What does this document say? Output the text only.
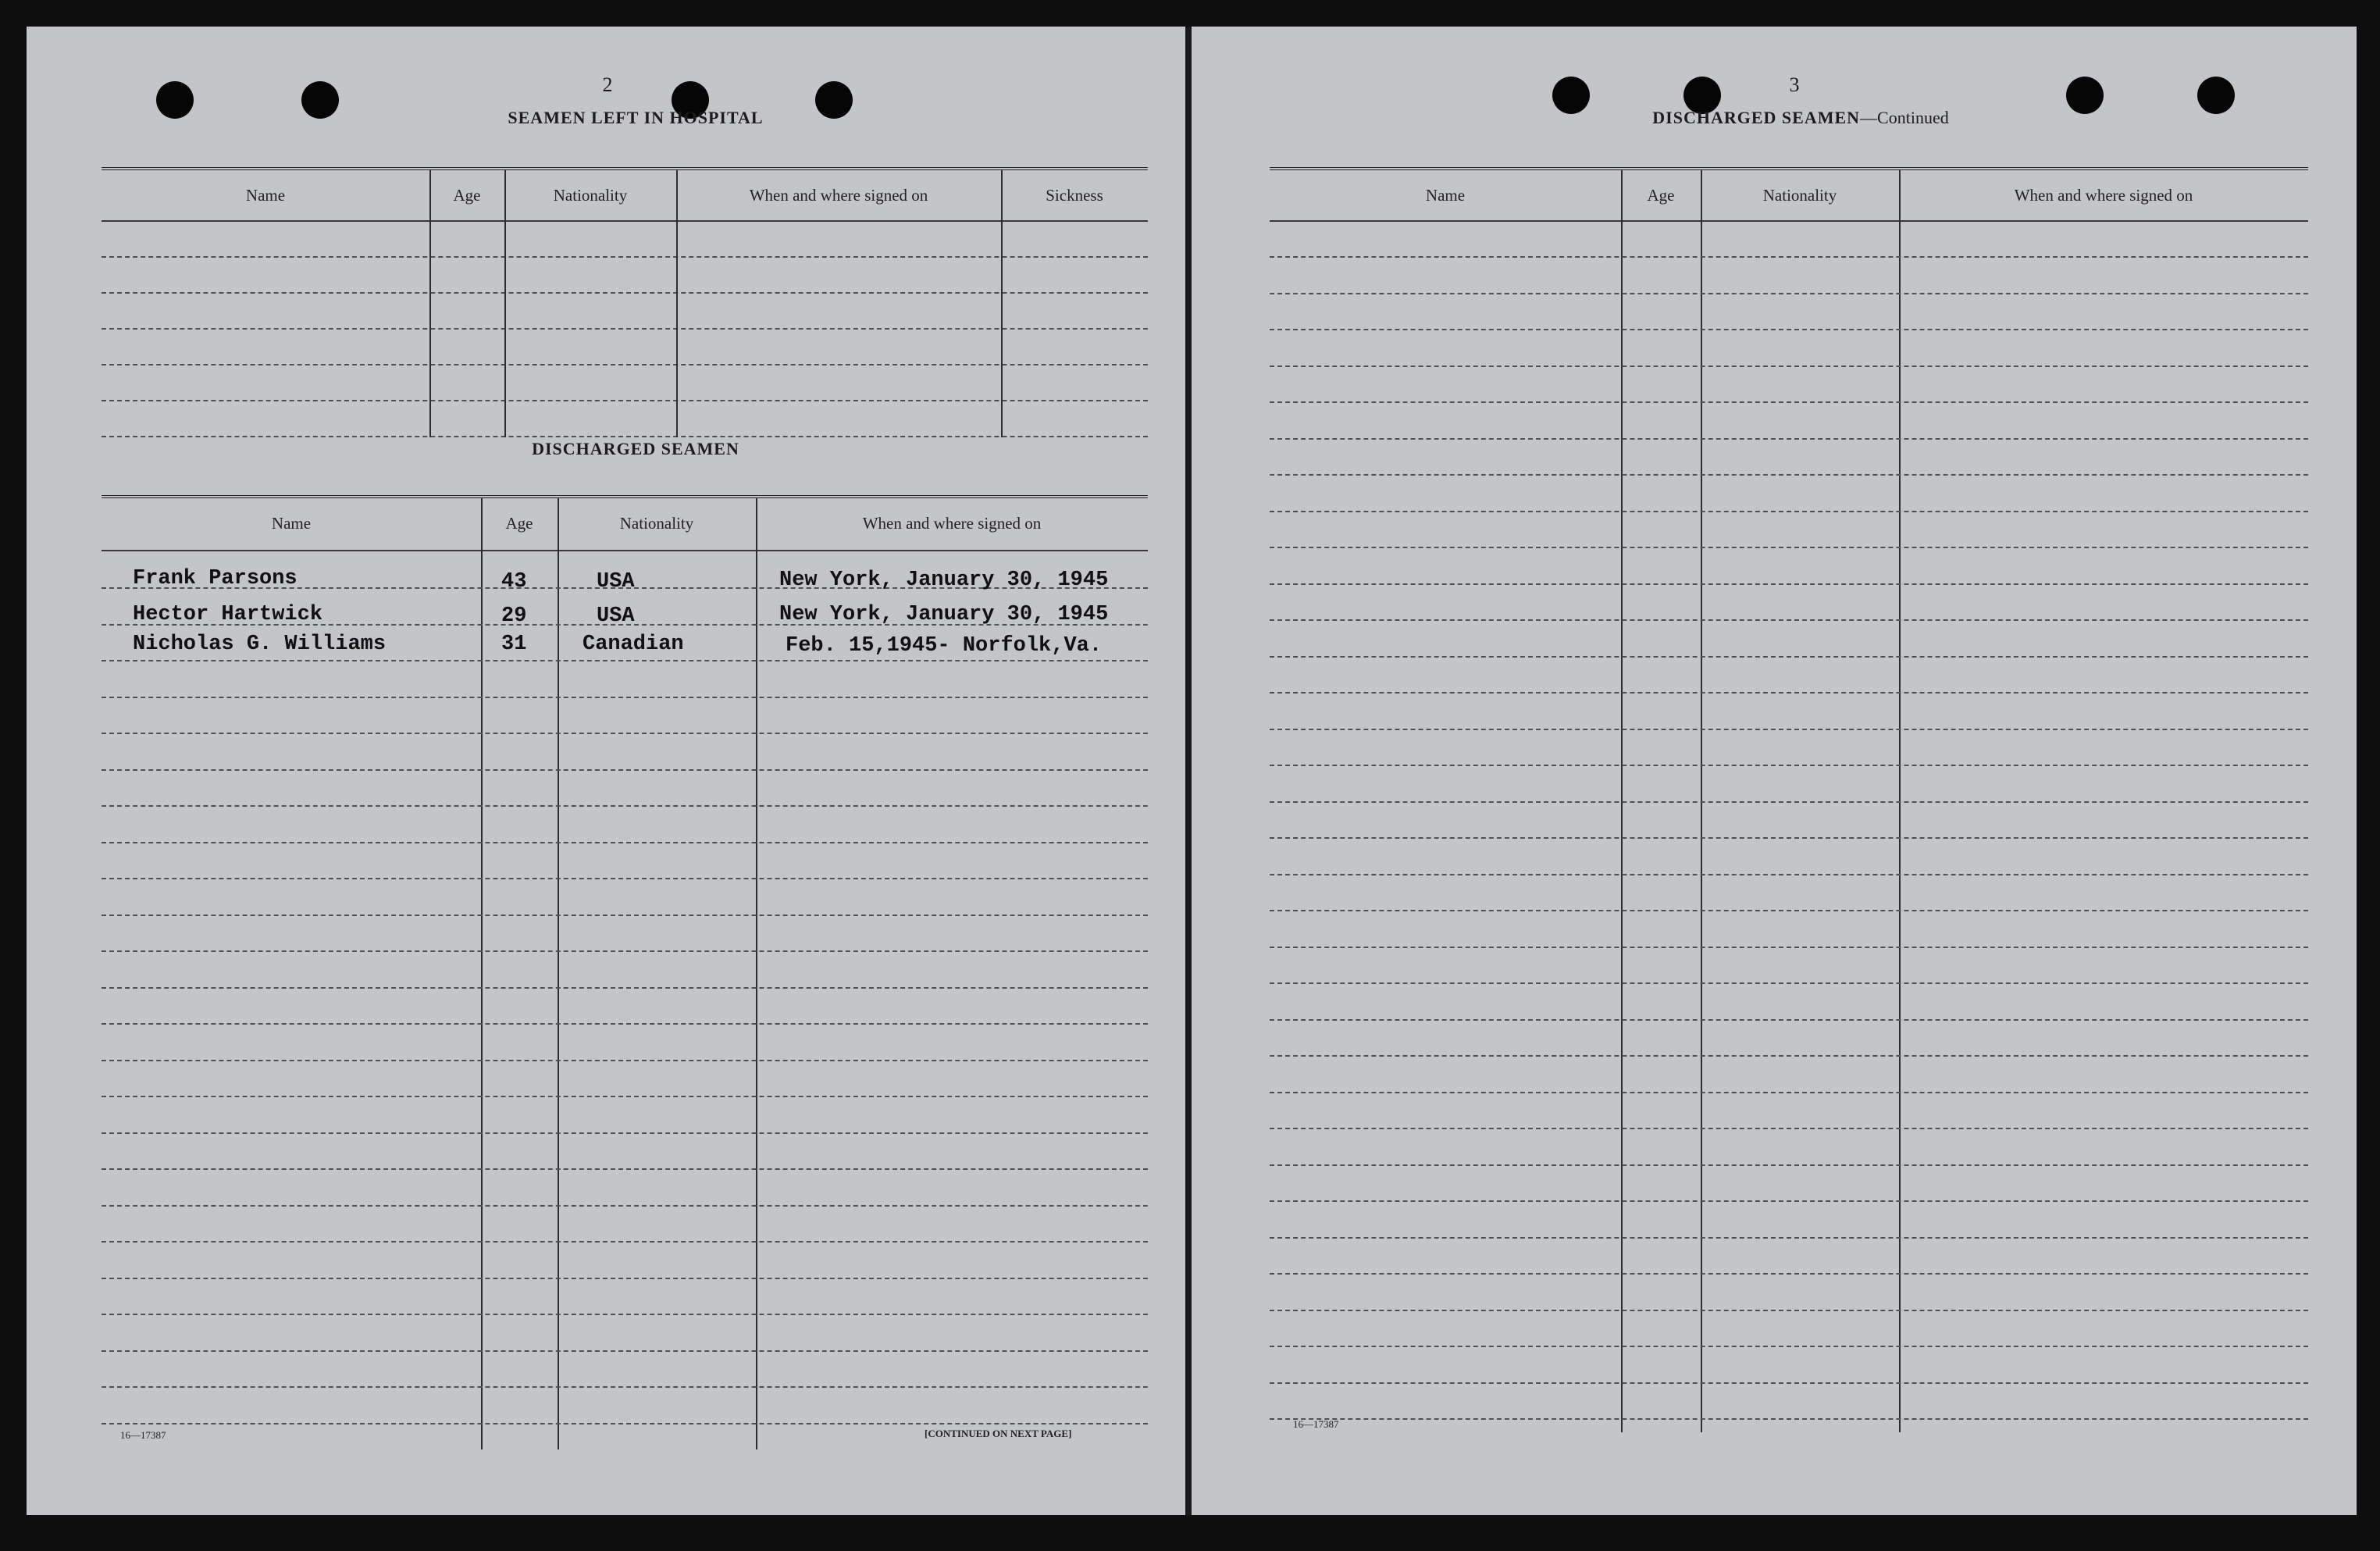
2
SEAMEN LEFT IN HOSPITAL
Name	Age	Nationality	When and where signed on	Sickness
DISCHARGED SEAMEN
Name	Age	Nationality	When and where signed on
Frank Parsons	43	USA	New York, January 30, 1945
Hector Hartwick	29	USA	New York, January 30, 1945
Nicholas G. Williams	31	Canadian	Feb. 15,1945- Norfolk,Va.
16—17387	[CONTINUED ON NEXT PAGE]
3
DISCHARGED SEAMEN—Continued
Name	Age	Nationality	When and where signed on
16—17387
